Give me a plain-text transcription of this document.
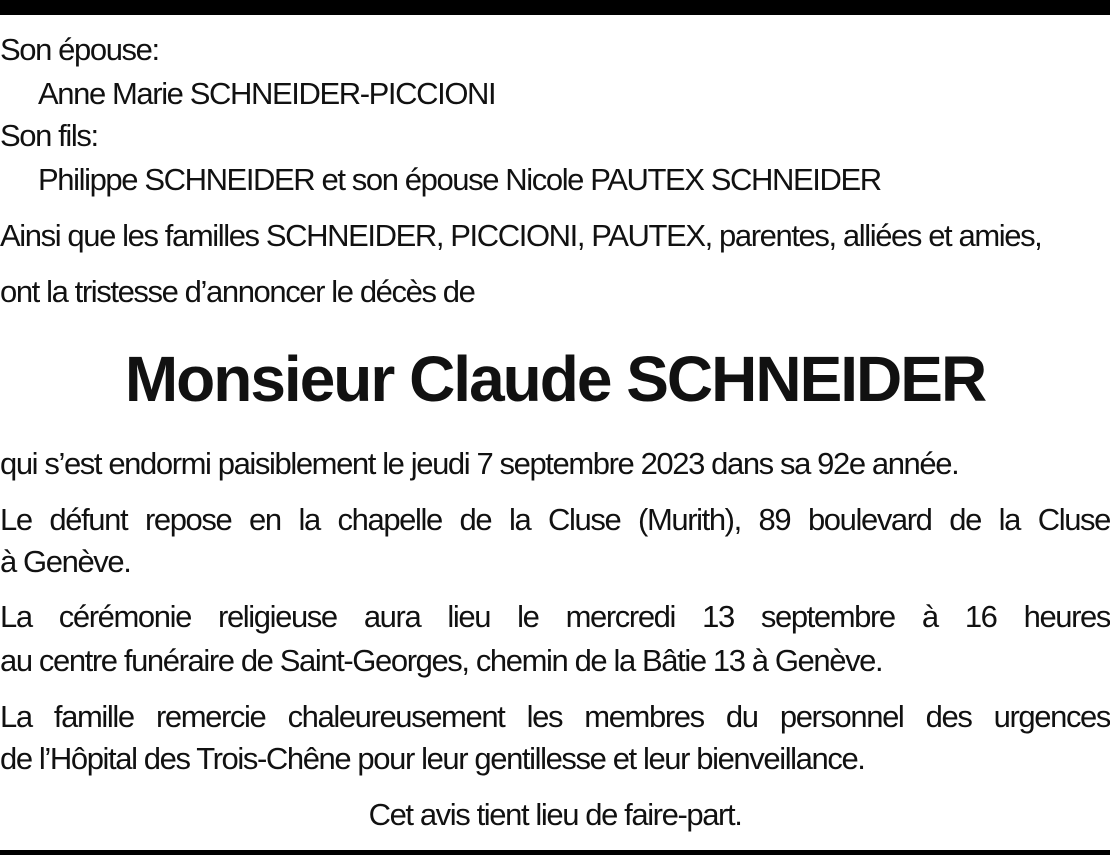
Son épouse:
Anne Marie SCHNEIDER-PICCIONI
Son fils:
Philippe SCHNEIDER et son épouse Nicole PAUTEX SCHNEIDER
Ainsi que les familles SCHNEIDER, PICCIONI, PAUTEX, parentes, alliées et amies,
ont la tristesse d’annoncer le décès de
Monsieur Claude SCHNEIDER
qui s’est endormi paisiblement le jeudi 7 septembre 2023 dans sa 92e année.
Le défunt repose en la chapelle de la Cluse (Murith), 89 boulevard de la Cluse
à Genève.
La cérémonie religieuse aura lieu le mercredi 13 septembre à 16 heures
au centre funéraire de Saint-Georges, chemin de la Bâtie 13 à Genève.
La famille remercie chaleureusement les membres du personnel des urgences
de l’Hôpital des Trois-Chêne pour leur gentillesse et leur bienveillance.
Cet avis tient lieu de faire-part.
